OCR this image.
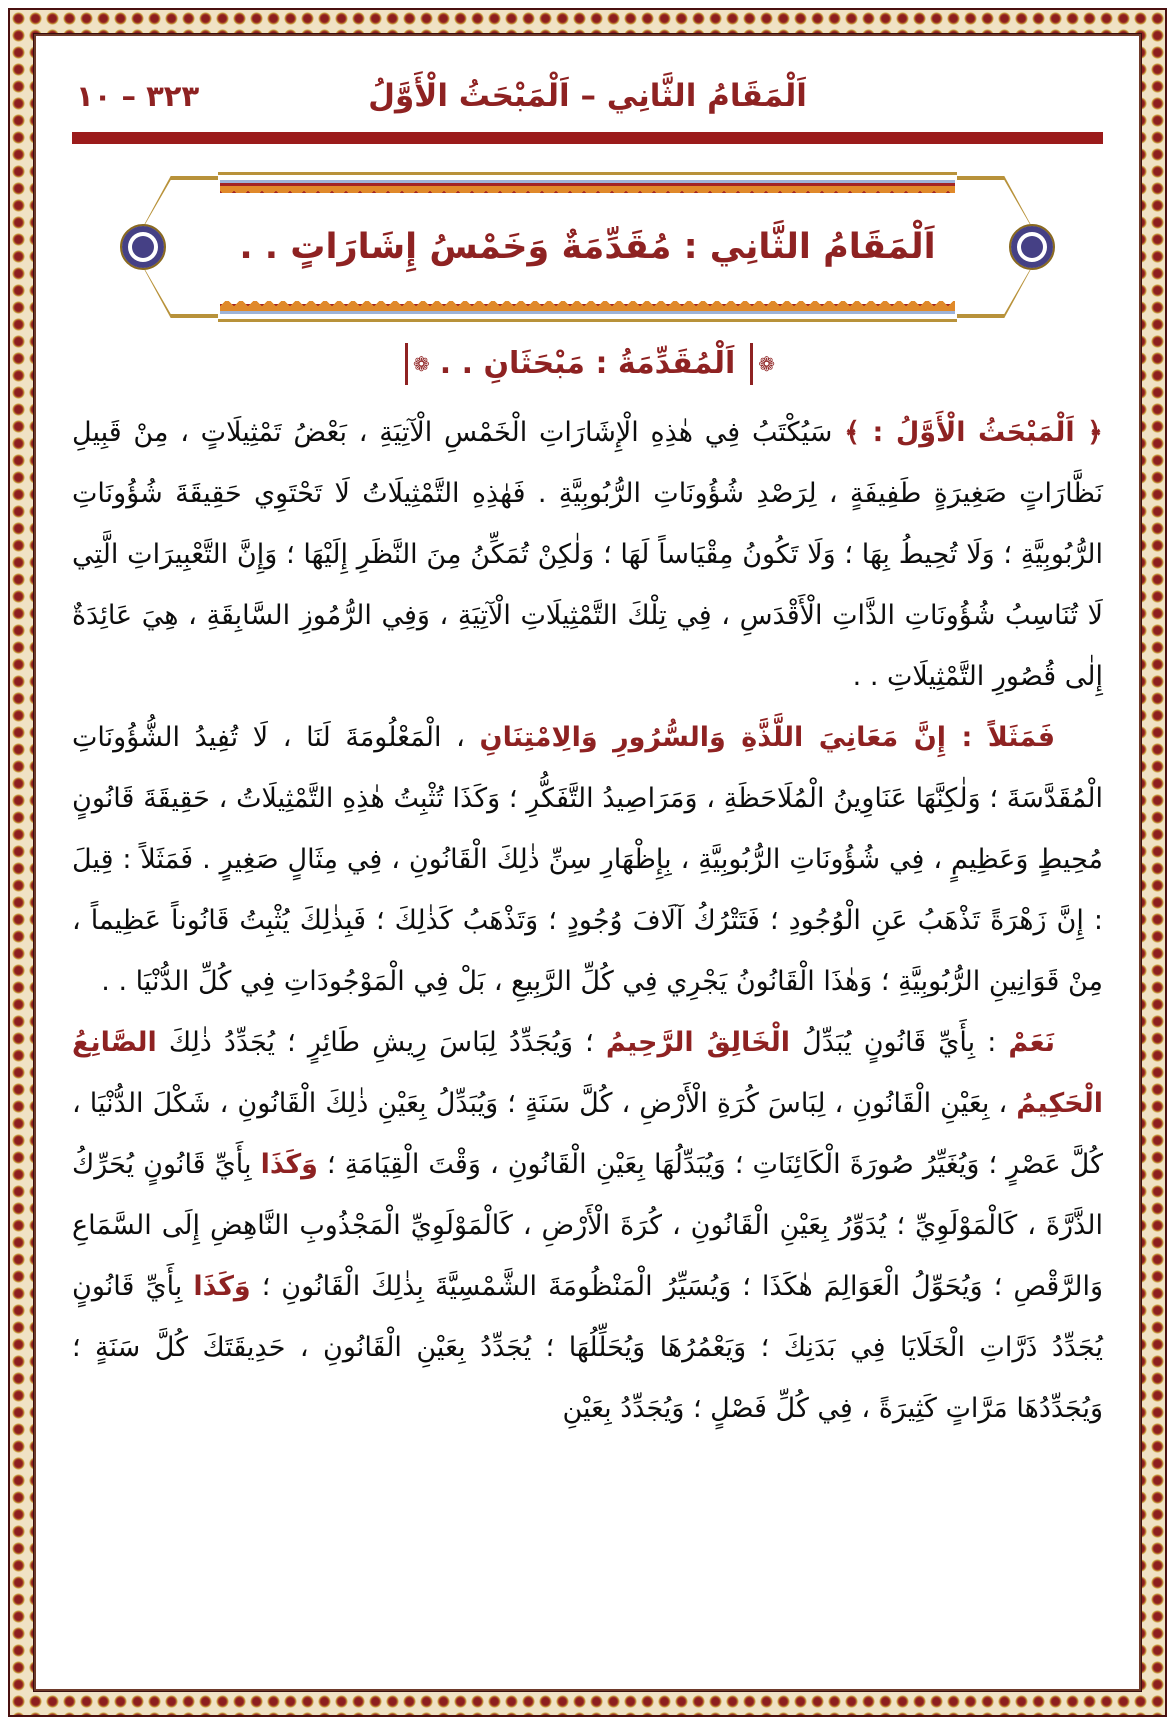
اَلْمَقَامُ الثَّانِي – اَلْمَبْحَثُ الْأَوَّلُ
٣٢٣ – ١٠
اَلْمَقَامُ الثَّانِي : مُقَدِّمَةٌ وَخَمْسُ إِشَارَاتٍ . .
❁
اَلْمُقَدِّمَةُ : مَبْحَثَانِ . .
❁

﴿ اَلْمَبْحَثُ الْأَوَّلُ : ﴾ سَيُكْتَبُ فِي هٰذِهِ الْإِشَارَاتِ الْخَمْسِ الْآتِيَةِ ، بَعْضُ تَمْثِيلَاتٍ ، مِنْ قَبِيلِ نَظَّارَاتٍ صَغِيرَةٍ طَفِيفَةٍ ، لِرَصْدِ شُؤُونَاتِ الرُّبُوبِيَّةِ . فَهٰذِهِ التَّمْثِيلَاتُ لَا تَحْتَوِي حَقِيقَةَ شُؤُونَاتِ الرُّبُوبِيَّةِ ؛ وَلَا تُحِيطُ بِهَا ؛ وَلَا تَكُونُ مِقْيَاساً لَهَا ؛ وَلٰكِنْ تُمَكِّنُ مِنَ النَّظَرِ إِلَيْهَا ؛ وَإِنَّ التَّعْبِيرَاتِ الَّتِي لَا تُنَاسِبُ شُؤُونَاتِ الذَّاتِ الْأَقْدَسِ ، فِي تِلْكَ التَّمْثِيلَاتِ الْآتِيَةِ ، وَفِي الرُّمُوزِ السَّابِقَةِ ، هِيَ عَائِدَةٌ إِلٰى قُصُورِ التَّمْثِيلَاتِ . .

فَمَثَلاً : إِنَّ مَعَانِيَ اللَّذَّةِ وَالسُّرُورِ وَالِامْتِنَانِ ، الْمَعْلُومَةَ لَنَا ، لَا تُفِيدُ الشُّؤُونَاتِ الْمُقَدَّسَةَ ؛ وَلٰكِنَّهَا عَنَاوِينُ الْمُلَاحَظَةِ ، وَمَرَاصِيدُ التَّفَكُّرِ ؛ وَكَذَا تُثْبِتُ هٰذِهِ التَّمْثِيلَاتُ ، حَقِيقَةَ قَانُونٍ مُحِيطٍ وَعَظِيمٍ ، فِي شُؤُونَاتِ الرُّبُوبِيَّةِ ، بِإِظْهَارِ سِنِّ ذٰلِكَ الْقَانُونِ ، فِي مِثَالٍ صَغِيرٍ . فَمَثَلاً : قِيلَ : إِنَّ زَهْرَةً تَذْهَبُ عَنِ الْوُجُودِ ؛ فَتَتْرُكُ آلَافَ وُجُودٍ ؛ وَتَذْهَبُ كَذٰلِكَ ؛ فَبِذٰلِكَ يُثْبِتُ قَانُوناً عَظِيماً ، مِنْ قَوَانِينِ الرُّبُوبِيَّةِ ؛ وَهٰذَا الْقَانُونُ يَجْرِي فِي كُلِّ الرَّبِيعِ ، بَلْ فِي الْمَوْجُودَاتِ فِي كُلِّ الدُّنْيَا . .

نَعَمْ : بِأَيِّ قَانُونٍ يُبَدِّلُ الْخَالِقُ الرَّحِيمُ ؛ وَيُجَدِّدُ لِبَاسَ رِيشِ طَائِرٍ ؛ يُجَدِّدُ ذٰلِكَ الصَّانِعُ الْحَكِيمُ ، بِعَيْنِ الْقَانُونِ ، لِبَاسَ كُرَةِ الْأَرْضِ ، كُلَّ سَنَةٍ ؛ وَيُبَدِّلُ بِعَيْنِ ذٰلِكَ الْقَانُونِ ، شَكْلَ الدُّنْيَا ، كُلَّ عَصْرٍ ؛ وَيُغَيِّرُ صُورَةَ الْكَائِنَاتِ ؛ وَيُبَدِّلُهَا بِعَيْنِ الْقَانُونِ ، وَقْتَ الْقِيَامَةِ ؛ وَكَذَا بِأَيِّ قَانُونٍ يُحَرِّكُ الذَّرَّةَ ، كَالْمَوْلَوِيِّ ؛ يُدَوِّرُ بِعَيْنِ الْقَانُونِ ، كُرَةَ الْأَرْضِ ، كَالْمَوْلَوِيِّ الْمَجْذُوبِ النَّاهِضِ إِلَى السَّمَاعِ وَالرَّقْصِ ؛ وَيُحَوِّلُ الْعَوَالِمَ هٰكَذَا ؛ وَيُسَيِّرُ الْمَنْظُومَةَ الشَّمْسِيَّةَ بِذٰلِكَ الْقَانُونِ ؛ وَكَذَا بِأَيِّ قَانُونٍ يُجَدِّدُ ذَرَّاتِ الْخَلَايَا فِي بَدَنِكَ ؛ وَيَعْمُرُهَا وَيُحَلِّلُهَا ؛ يُجَدِّدُ بِعَيْنِ الْقَانُونِ ، حَدِيقَتَكَ كُلَّ سَنَةٍ ؛ وَيُجَدِّدُهَا مَرَّاتٍ كَثِيرَةً ، فِي كُلِّ فَصْلٍ ؛ وَيُجَدِّدُ بِعَيْنِ
